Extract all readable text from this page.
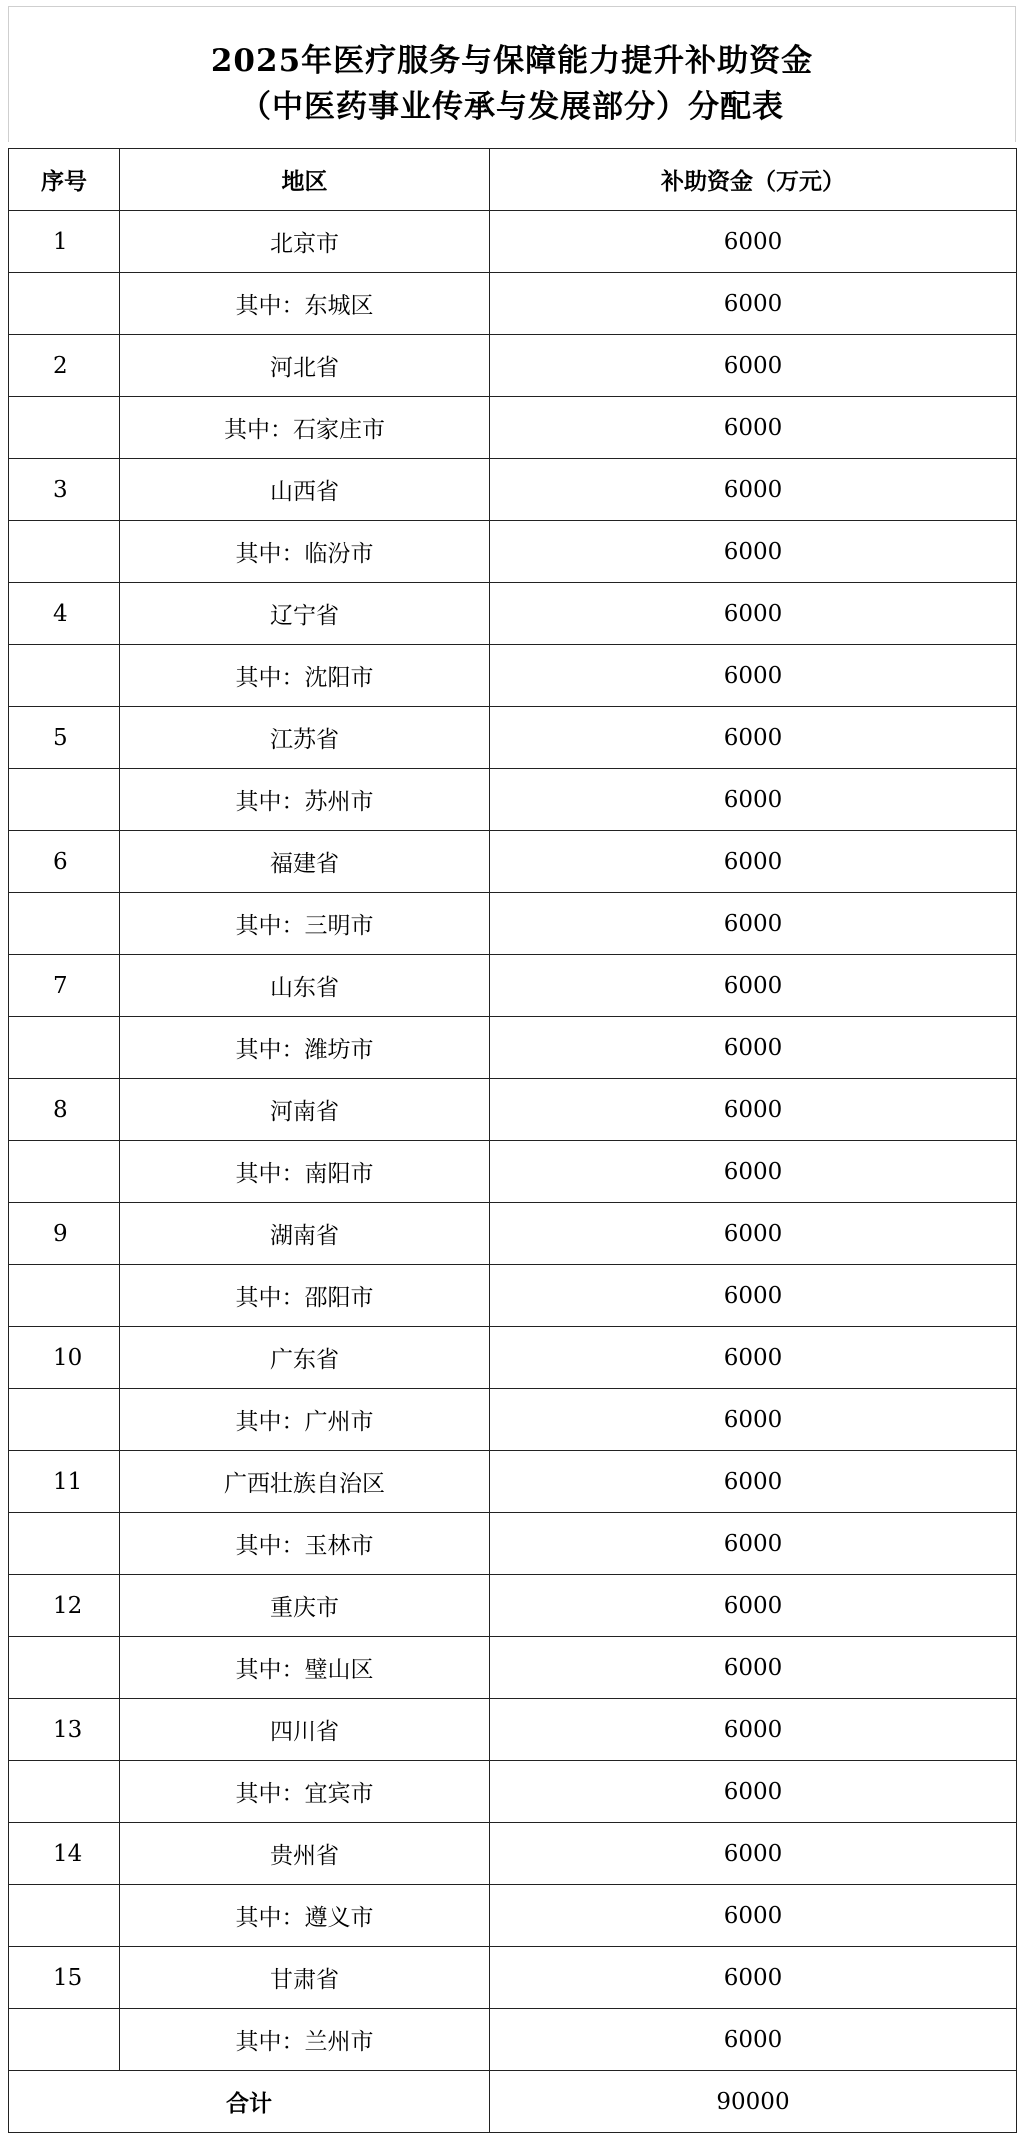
2025年医疗服务与保障能力提升补助资金
（中医药事业传承与发展部分）分配表
序号	地区	补助资金（万元）
1	北京市	6000
	其中：东城区	6000
2	河北省	6000
	其中：石家庄市	6000
3	山西省	6000
	其中：临汾市	6000
4	辽宁省	6000
	其中：沈阳市	6000
5	江苏省	6000
	其中：苏州市	6000
6	福建省	6000
	其中：三明市	6000
7	山东省	6000
	其中：潍坊市	6000
8	河南省	6000
	其中：南阳市	6000
9	湖南省	6000
	其中：邵阳市	6000
10	广东省	6000
	其中：广州市	6000
11	广西壮族自治区	6000
	其中：玉林市	6000
12	重庆市	6000
	其中：璧山区	6000
13	四川省	6000
	其中：宜宾市	6000
14	贵州省	6000
	其中：遵义市	6000
15	甘肃省	6000
	其中：兰州市	6000
合计		90000
